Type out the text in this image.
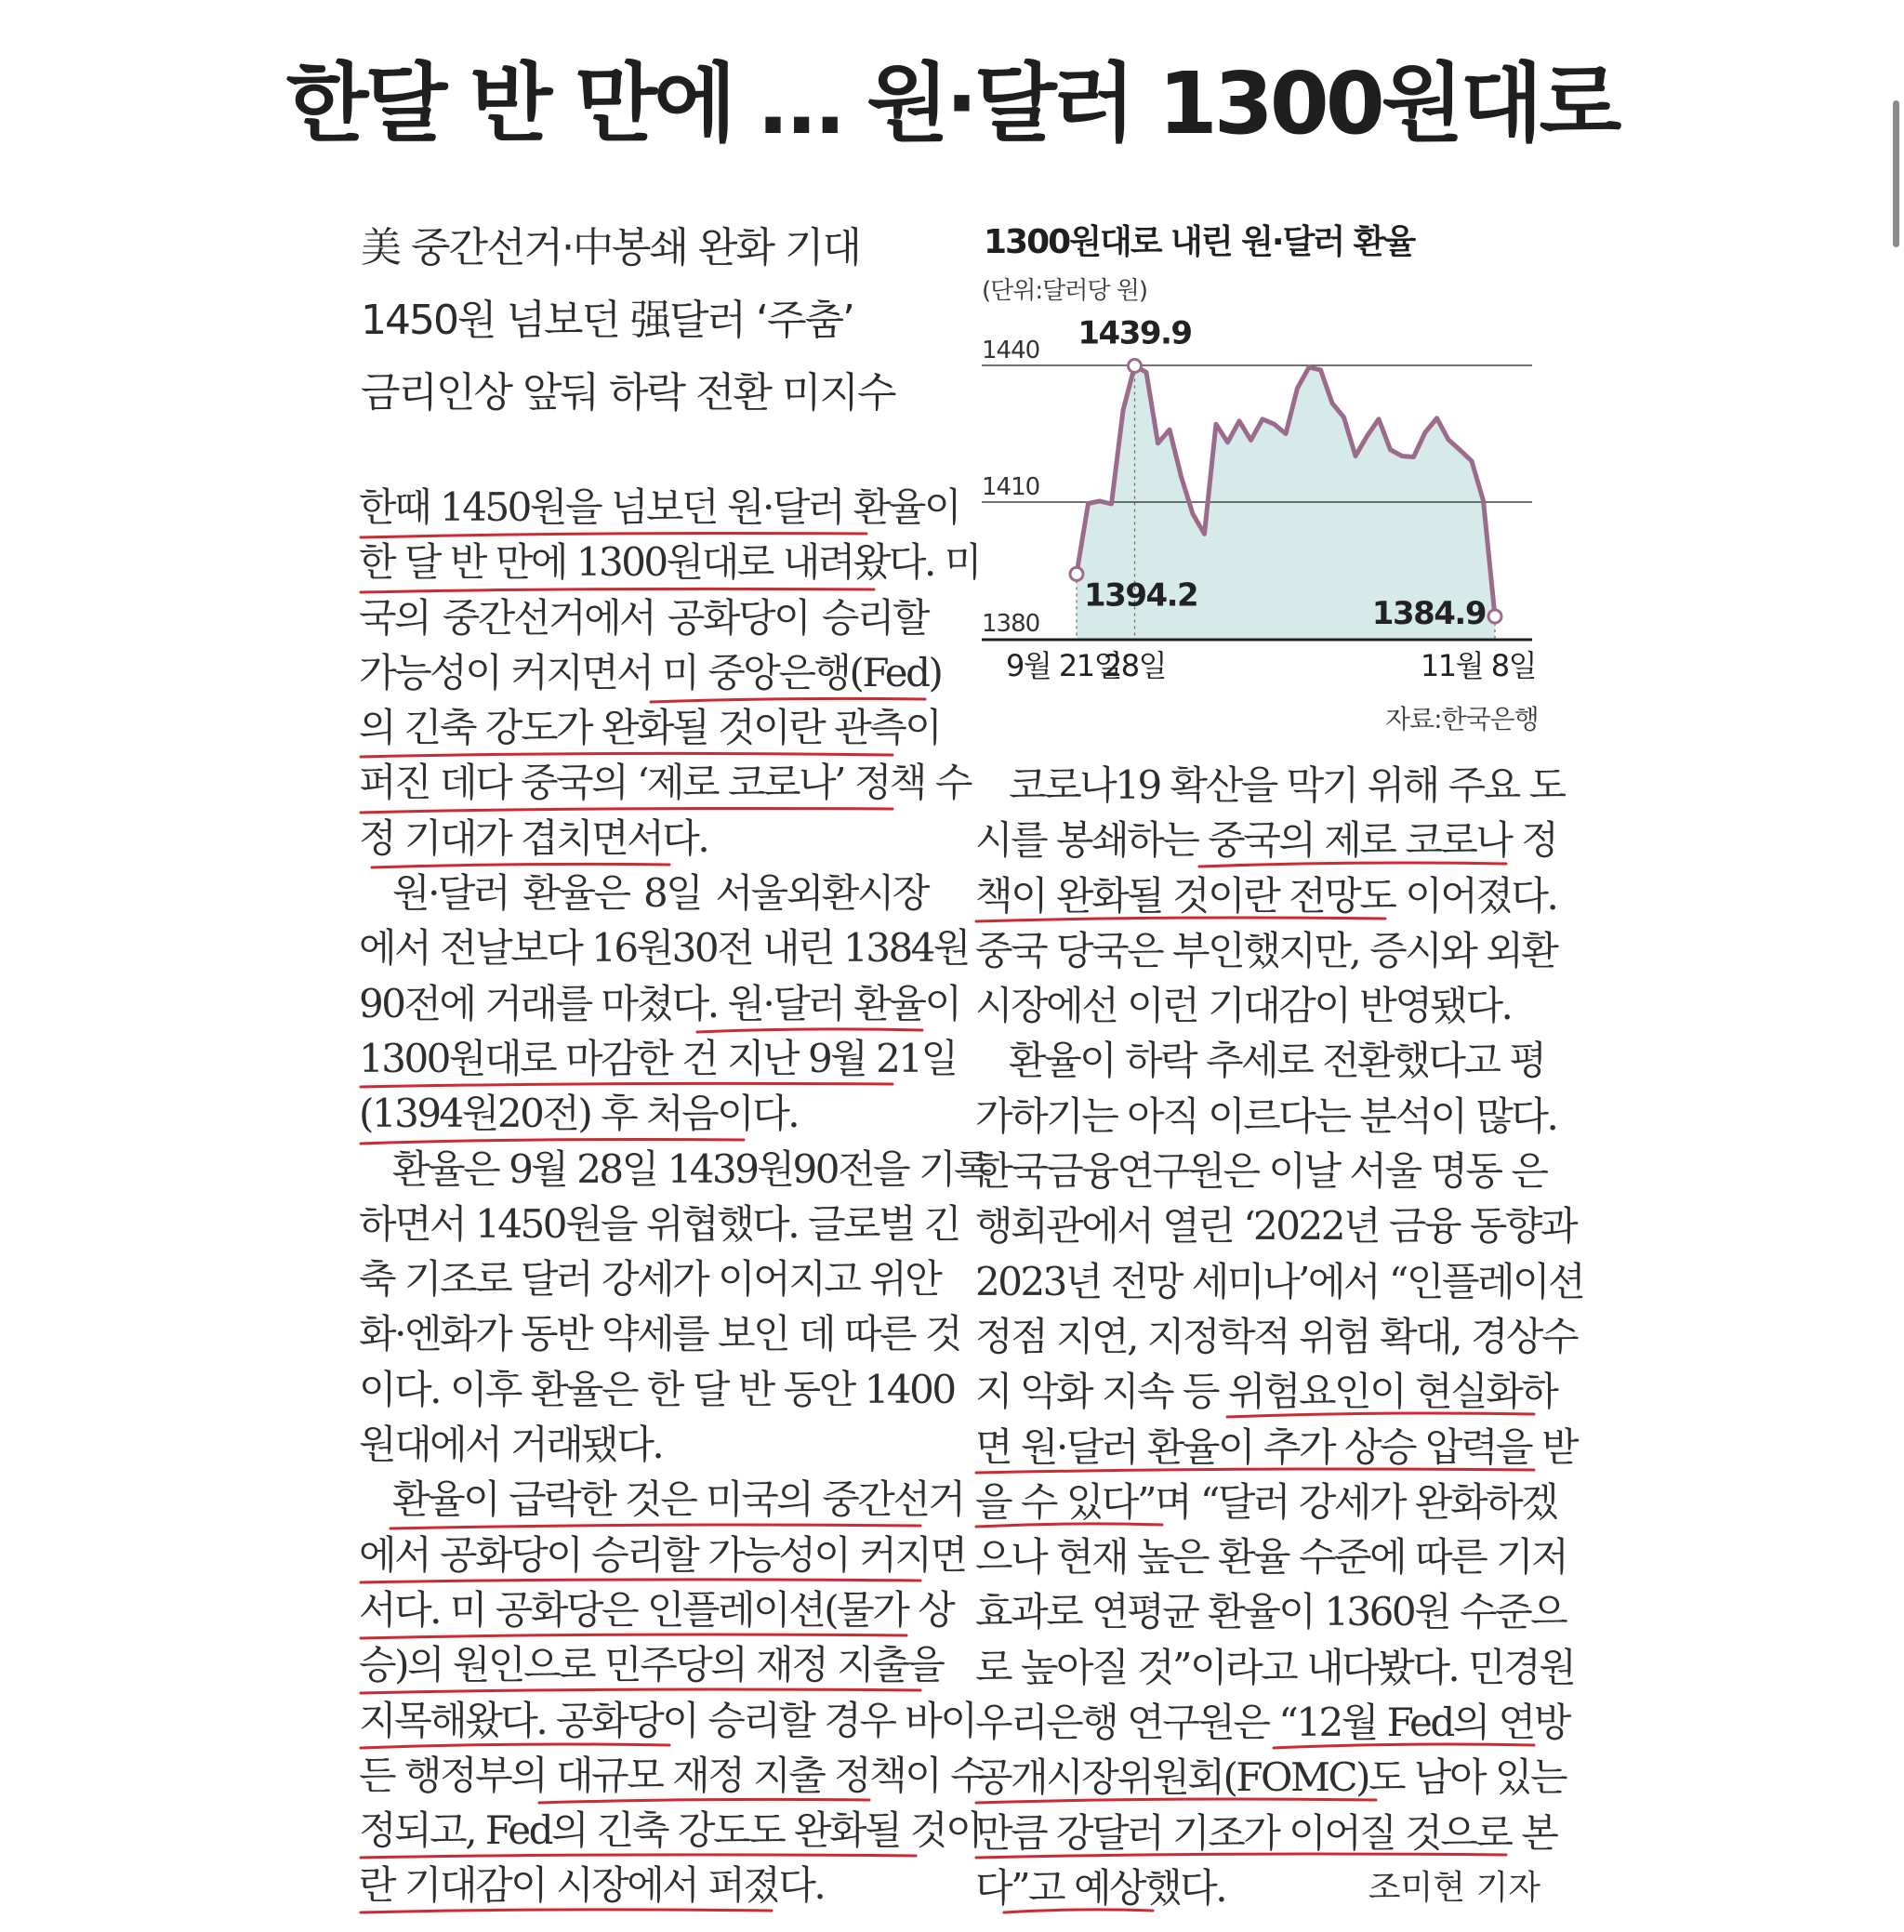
한달 반 만에 … 원·달러 1300원대로
美 중간선거·中봉쇄 완화 기대
1450원 넘보던 强달러 ‘주춤’
금리인상 앞둬 하락 전환 미지수
한때 1450원을 넘보던 원·달러 환율이
한 달 반 만에 1300원대로 내려왔다. 미
국의 중간선거에서 공화당이 승리할
가능성이 커지면서 미 중앙은행(Fed)
의 긴축 강도가 완화될 것이란 관측이
퍼진 데다 중국의 ‘제로 코로나’ 정책 수
정 기대가 겹치면서다.
원·달러 환율은 8일 서울외환시장
에서 전날보다 16원30전 내린 1384원
90전에 거래를 마쳤다. 원·달러 환율이
1300원대로 마감한 건 지난 9월 21일
(1394원20전) 후 처음이다.
환율은 9월 28일 1439원90전을 기록
하면서 1450원을 위협했다. 글로벌 긴
축 기조로 달러 강세가 이어지고 위안
화·엔화가 동반 약세를 보인 데 따른 것
이다. 이후 환율은 한 달 반 동안 1400
원대에서 거래됐다.
환율이 급락한 것은 미국의 중간선거
에서 공화당이 승리할 가능성이 커지면
서다. 미 공화당은 인플레이션(물가 상
승)의 원인으로 민주당의 재정 지출을
지목해왔다. 공화당이 승리할 경우 바이
든 행정부의 대규모 재정 지출 정책이 수
정되고, Fed의 긴축 강도도 완화될 것이
란 기대감이 시장에서 퍼졌다.
코로나19 확산을 막기 위해 주요 도
시를 봉쇄하는 중국의 제로 코로나 정
책이 완화될 것이란 전망도 이어졌다.
중국 당국은 부인했지만, 증시와 외환
시장에선 이런 기대감이 반영됐다.
환율이 하락 추세로 전환했다고 평
가하기는 아직 이르다는 분석이 많다.
한국금융연구원은 이날 서울 명동 은
행회관에서 열린 ‘2022년 금융 동향과
2023년 전망 세미나’에서 “인플레이션
정점 지연, 지정학적 위험 확대, 경상수
지 악화 지속 등 위험요인이 현실화하
면 원·달러 환율이 추가 상승 압력을 받
을 수 있다”며 “달러 강세가 완화하겠
으나 현재 높은 환율 수준에 따른 기저
효과로 연평균 환율이 1360원 수준으
로 높아질 것”이라고 내다봤다. 민경원
우리은행 연구원은 “12월 Fed의 연방
공개시장위원회(FOMC)도 남아 있는
만큼 강달러 기조가 이어질 것으로 본
다”고 예상했다.	조미현 기자
1300원대로 내린 원·달러 환율
(단위:달러당 원)
1440
1410
1380
1394.2
1439.9
1384.9
9월 21일
28일	11월 8일
자료:한국은행
